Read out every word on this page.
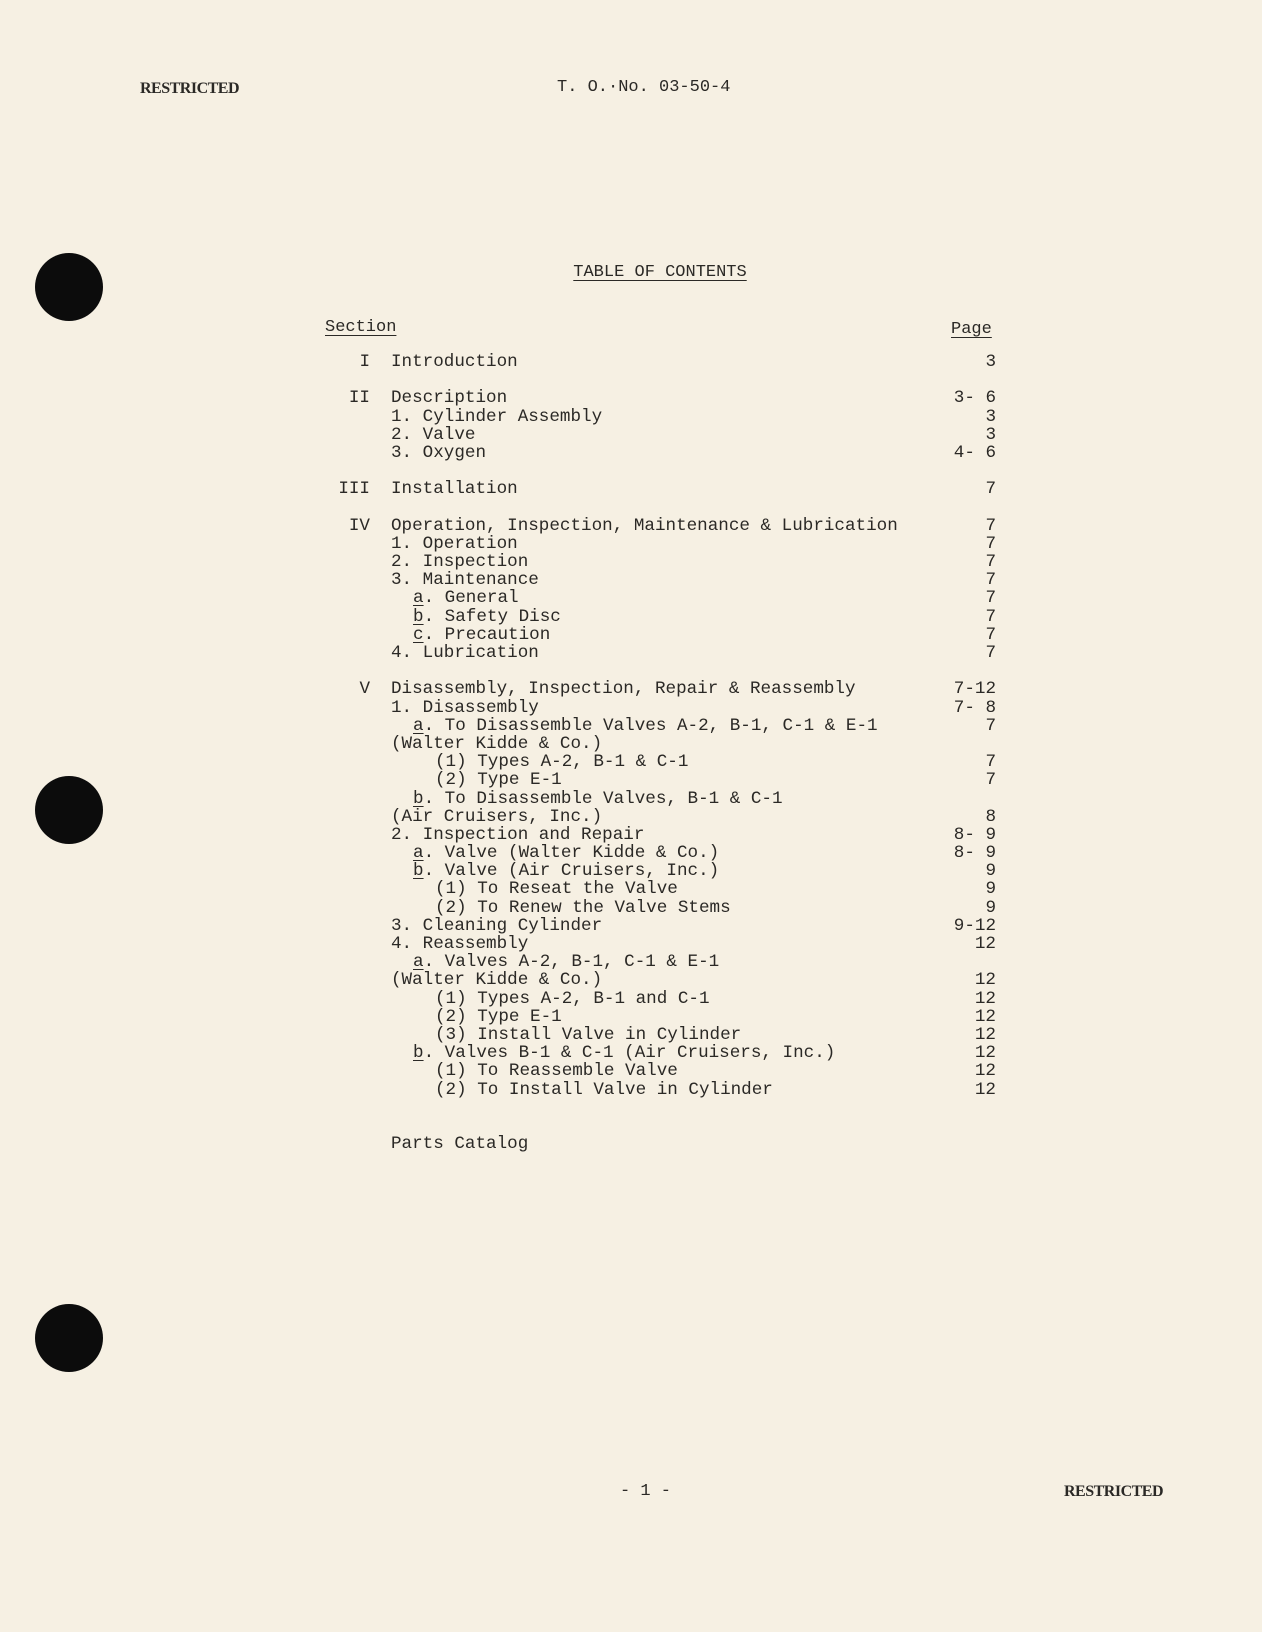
RESTRICTED	T. O.·No. 03-50-4
TABLE OF CONTENTS
Section	Page
I Introduction	3
II Description	3- 6
1. Cylinder Assembly	3
2. Valve	3
3. Oxygen	4- 6
III Installation	7
IV Operation, Inspection, Maintenance & Lubrication	7
1. Operation	7
2. Inspection	7
3. Maintenance	7
a. General	7
b. Safety Disc	7
c. Precaution	7
4. Lubrication	7
V Disassembly, Inspection, Repair & Reassembly	7-12
1. Disassembly	7- 8
a. To Disassemble Valves A-2, B-1, C-1 & E-1	7
(Walter Kidde & Co.)
(1) Types A-2, B-1 & C-1	7
(2) Type E-1	7
b. To Disassemble Valves, B-1 & C-1
(Air Cruisers, Inc.)	8
2. Inspection and Repair	8- 9
a. Valve (Walter Kidde & Co.)	8- 9
b. Valve (Air Cruisers, Inc.)	9
(1) To Reseat the Valve	9
(2) To Renew the Valve Stems	9
3. Cleaning Cylinder	9-12
4. Reassembly	12
a. Valves A-2, B-1, C-1 & E-1
(Walter Kidde & Co.)	12
(1) Types A-2, B-1 and C-1	12
(2) Type E-1	12
(3) Install Valve in Cylinder	12
b. Valves B-1 & C-1 (Air Cruisers, Inc.)	12
(1) To Reassemble Valve	12
(2) To Install Valve in Cylinder	12
Parts Catalog
- 1 -	RESTRICTED
